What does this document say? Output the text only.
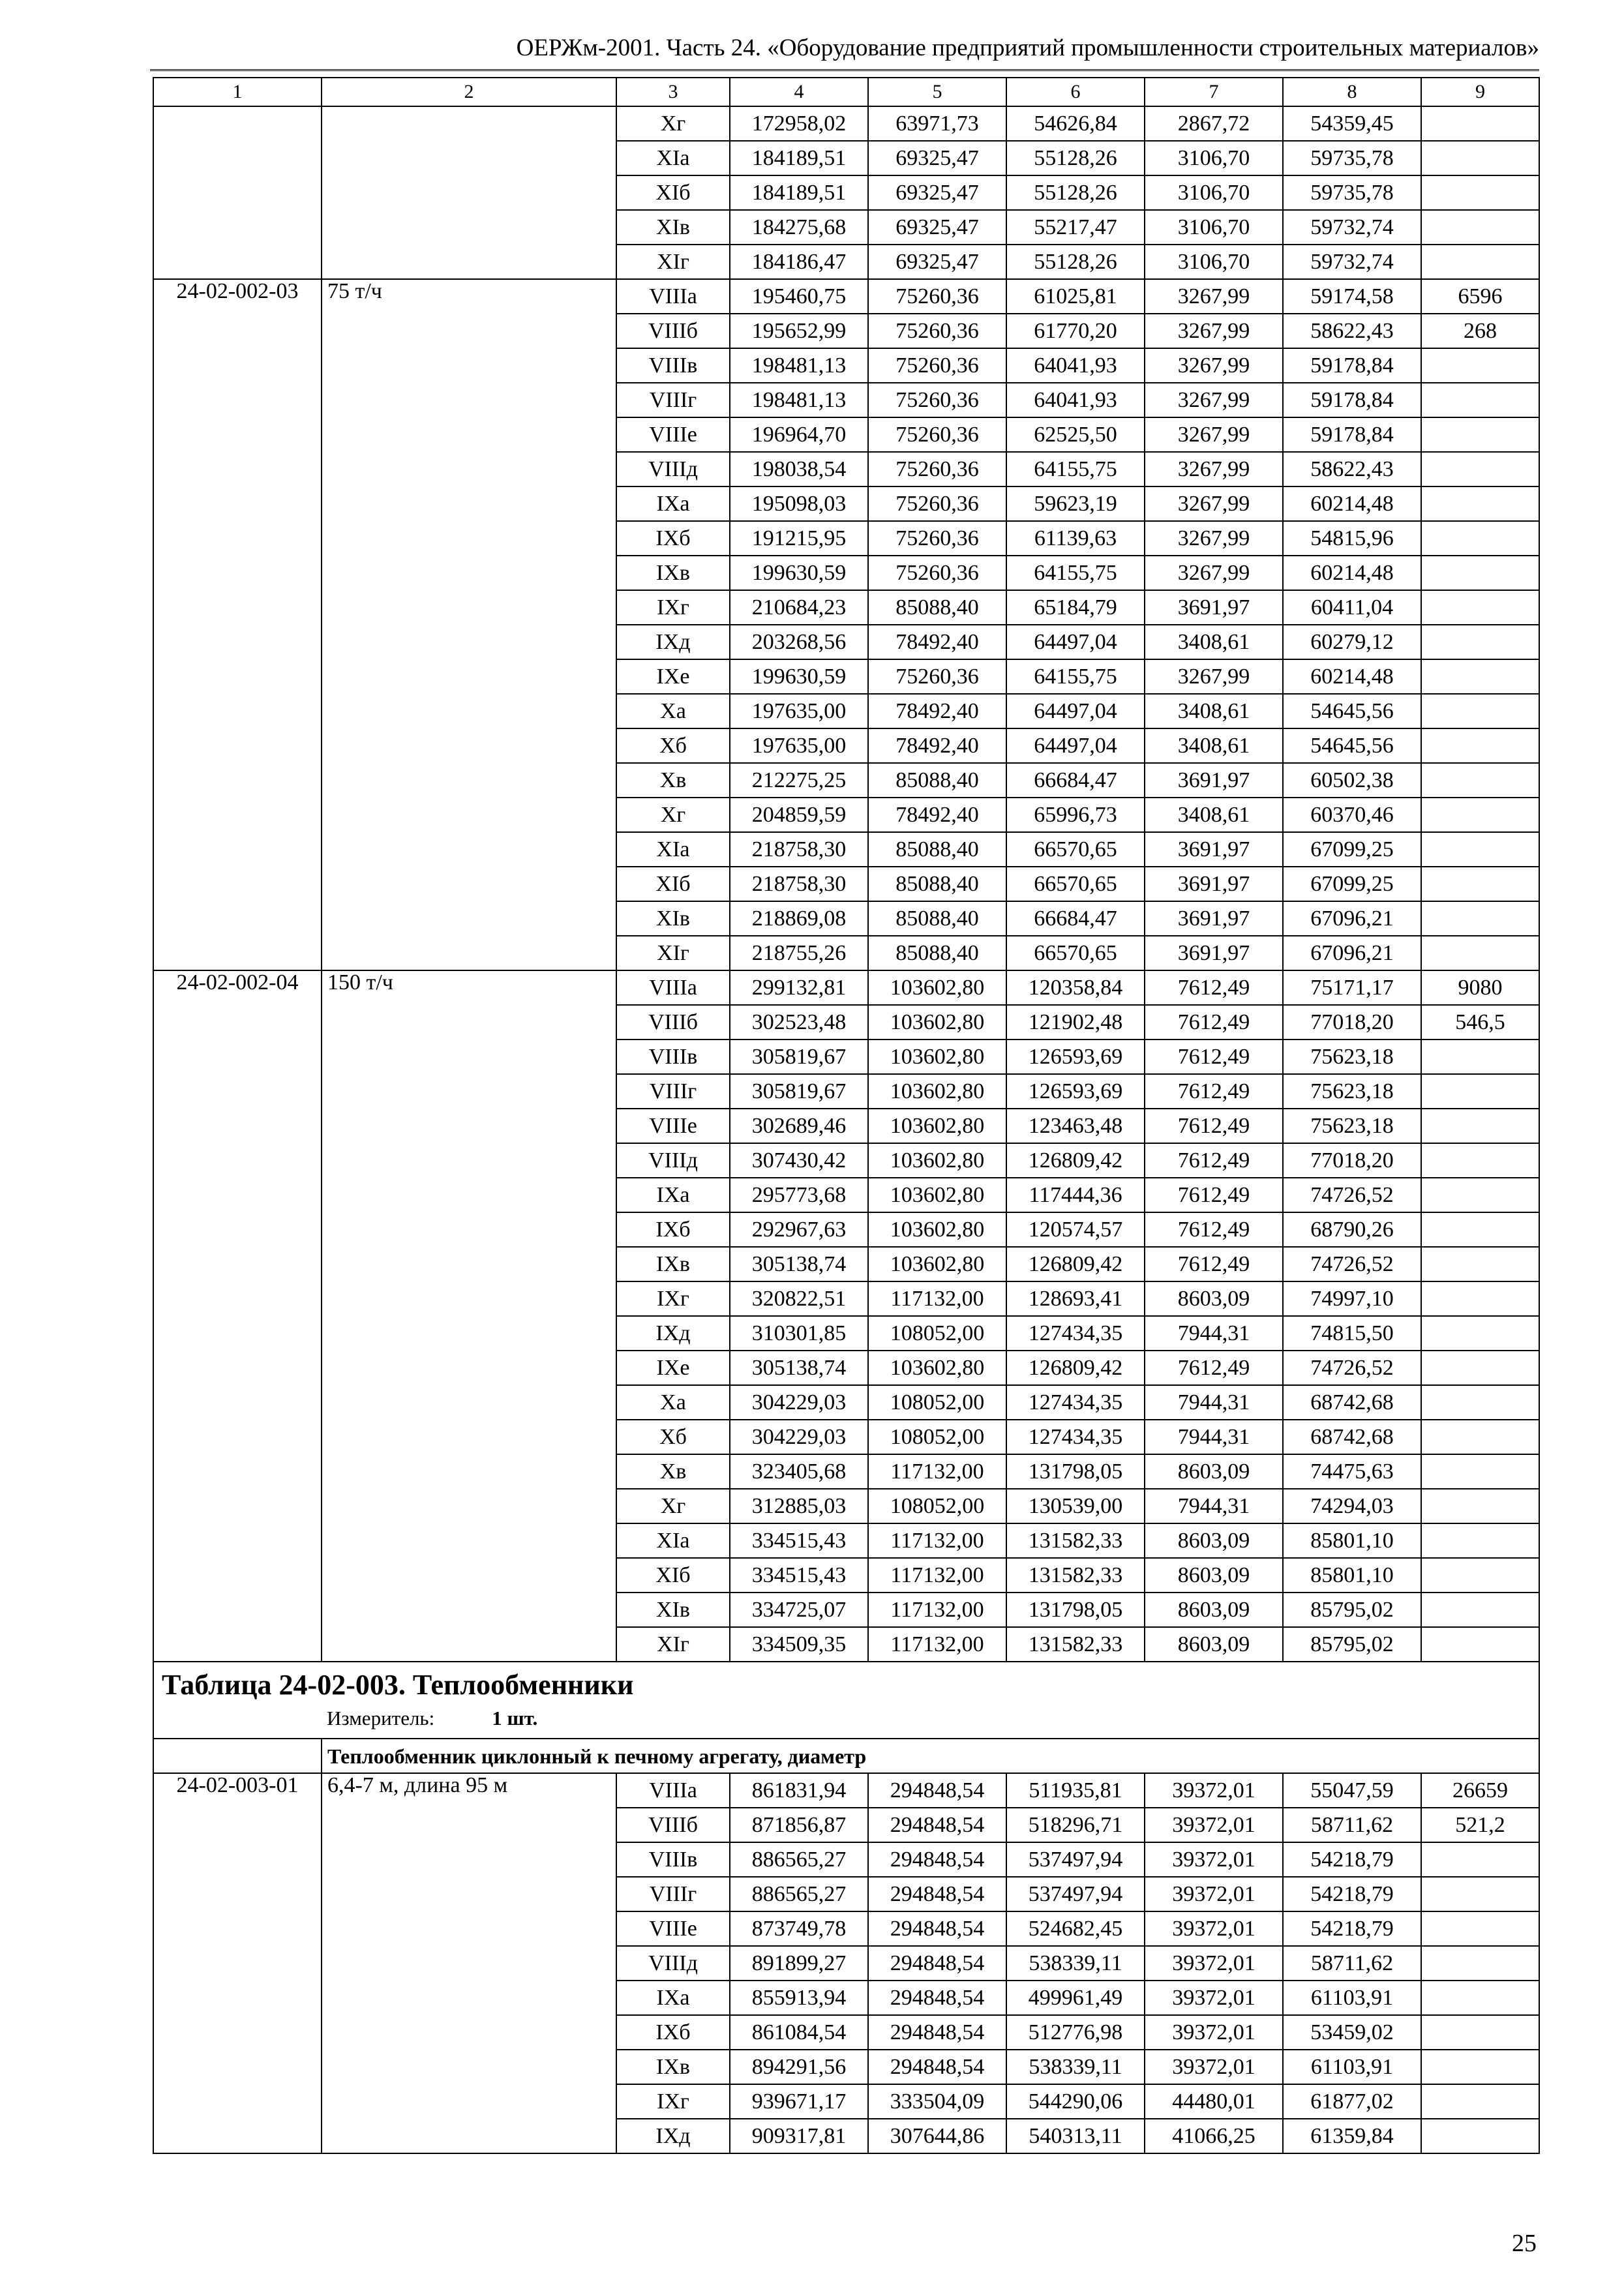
ОЕРЖм-2001. Часть 24. «Оборудование предприятий промышленности строительных материалов»
1	2	3	4	5	6	7	8	9
		Xг	172958,02	63971,73	54626,84	2867,72	54359,45	
		XIа	184189,51	69325,47	55128,26	3106,70	59735,78	
		XIб	184189,51	69325,47	55128,26	3106,70	59735,78	
		XIв	184275,68	69325,47	55217,47	3106,70	59732,74	
		XIг	184186,47	69325,47	55128,26	3106,70	59732,74	
24-02-002-03	75 т/ч	VIIIа	195460,75	75260,36	61025,81	3267,99	59174,58	6596
		VIIIб	195652,99	75260,36	61770,20	3267,99	58622,43	268
		VIIIв	198481,13	75260,36	64041,93	3267,99	59178,84	
		VIIIг	198481,13	75260,36	64041,93	3267,99	59178,84	
		VIIIе	196964,70	75260,36	62525,50	3267,99	59178,84	
		VIIIд	198038,54	75260,36	64155,75	3267,99	58622,43	
		IXа	195098,03	75260,36	59623,19	3267,99	60214,48	
		IXб	191215,95	75260,36	61139,63	3267,99	54815,96	
		IXв	199630,59	75260,36	64155,75	3267,99	60214,48	
		IXг	210684,23	85088,40	65184,79	3691,97	60411,04	
		IXд	203268,56	78492,40	64497,04	3408,61	60279,12	
		IXе	199630,59	75260,36	64155,75	3267,99	60214,48	
		Xа	197635,00	78492,40	64497,04	3408,61	54645,56	
		Xб	197635,00	78492,40	64497,04	3408,61	54645,56	
		Xв	212275,25	85088,40	66684,47	3691,97	60502,38	
		Xг	204859,59	78492,40	65996,73	3408,61	60370,46	
		XIа	218758,30	85088,40	66570,65	3691,97	67099,25	
		XIб	218758,30	85088,40	66570,65	3691,97	67099,25	
		XIв	218869,08	85088,40	66684,47	3691,97	67096,21	
		XIг	218755,26	85088,40	66570,65	3691,97	67096,21	
24-02-002-04	150 т/ч	VIIIа	299132,81	103602,80	120358,84	7612,49	75171,17	9080
		VIIIб	302523,48	103602,80	121902,48	7612,49	77018,20	546,5
		VIIIв	305819,67	103602,80	126593,69	7612,49	75623,18	
		VIIIг	305819,67	103602,80	126593,69	7612,49	75623,18	
		VIIIе	302689,46	103602,80	123463,48	7612,49	75623,18	
		VIIIд	307430,42	103602,80	126809,42	7612,49	77018,20	
		IXа	295773,68	103602,80	117444,36	7612,49	74726,52	
		IXб	292967,63	103602,80	120574,57	7612,49	68790,26	
		IXв	305138,74	103602,80	126809,42	7612,49	74726,52	
		IXг	320822,51	117132,00	128693,41	8603,09	74997,10	
		IXд	310301,85	108052,00	127434,35	7944,31	74815,50	
		IXе	305138,74	103602,80	126809,42	7612,49	74726,52	
		Xа	304229,03	108052,00	127434,35	7944,31	68742,68	
		Xб	304229,03	108052,00	127434,35	7944,31	68742,68	
		Xв	323405,68	117132,00	131798,05	8603,09	74475,63	
		Xг	312885,03	108052,00	130539,00	7944,31	74294,03	
		XIа	334515,43	117132,00	131582,33	8603,09	85801,10	
		XIб	334515,43	117132,00	131582,33	8603,09	85801,10	
		XIв	334725,07	117132,00	131798,05	8603,09	85795,02	
		XIг	334509,35	117132,00	131582,33	8603,09	85795,02	

Таблица 24-02-003. Теплообменники
Измеритель: 1 шт.								

	Теплообменник циклонный к печному агрегату, диаметр							
24-02-003-01	6,4-7 м, длина 95 м	VIIIа	861831,94	294848,54	511935,81	39372,01	55047,59	26659
		VIIIб	871856,87	294848,54	518296,71	39372,01	58711,62	521,2
		VIIIв	886565,27	294848,54	537497,94	39372,01	54218,79	
		VIIIг	886565,27	294848,54	537497,94	39372,01	54218,79	
		VIIIе	873749,78	294848,54	524682,45	39372,01	54218,79	
		VIIIд	891899,27	294848,54	538339,11	39372,01	58711,62	
		IXа	855913,94	294848,54	499961,49	39372,01	61103,91	
		IXб	861084,54	294848,54	512776,98	39372,01	53459,02	
		IXв	894291,56	294848,54	538339,11	39372,01	61103,91	
		IXг	939671,17	333504,09	544290,06	44480,01	61877,02	
		IXд	909317,81	307644,86	540313,11	41066,25	61359,84	
25
